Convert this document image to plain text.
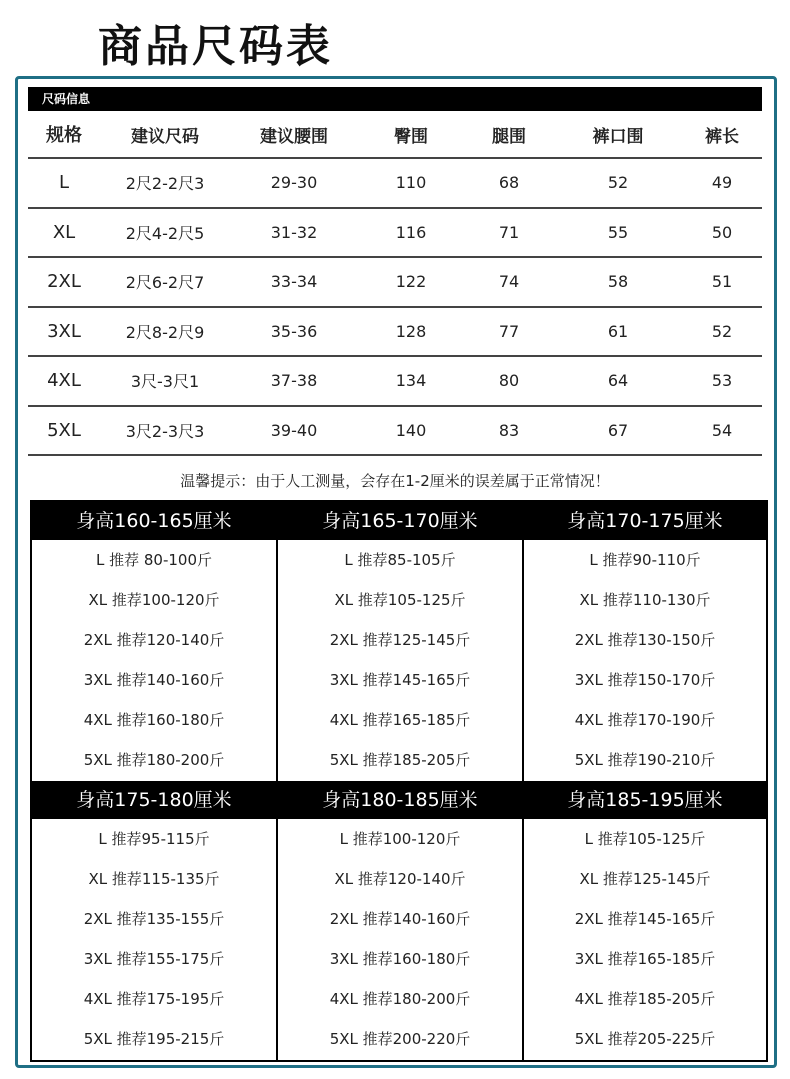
商品尺码表
尺码信息
规格	建议尺码	建议腰围	臀围	腿围	裤口围	裤长
L	2尺2-2尺3	29-30	110	68	52	49
XL	2尺4-2尺5	31-32	116	71	55	50
2XL	2尺6-2尺7	33-34	122	74	58	51
3XL	2尺8-2尺9	35-36	128	77	61	52
4XL	3尺-3尺1	37-38	134	80	64	53
5XL	3尺2-3尺3	39-40	140	83	67	54
温馨提示：由于人工测量，会存在1-2厘米的误差属于正常情况！
身高160-165厘米
L 推荐 80-100斤
XL 推荐100-120斤
2XL 推荐120-140斤
3XL 推荐140-160斤
4XL 推荐160-180斤
5XL 推荐180-200斤
身高165-170厘米
L 推荐85-105斤
XL 推荐105-125斤
2XL 推荐125-145斤
3XL 推荐145-165斤
4XL 推荐165-185斤
5XL 推荐185-205斤
身高170-175厘米
L 推荐90-110斤
XL 推荐110-130斤
2XL 推荐130-150斤
3XL 推荐150-170斤
4XL 推荐170-190斤
5XL 推荐190-210斤
身高175-180厘米
L 推荐95-115斤
XL 推荐115-135斤
2XL 推荐135-155斤
3XL 推荐155-175斤
4XL 推荐175-195斤
5XL 推荐195-215斤
身高180-185厘米
L 推荐100-120斤
XL 推荐120-140斤
2XL 推荐140-160斤
3XL 推荐160-180斤
4XL 推荐180-200斤
5XL 推荐200-220斤
身高185-195厘米
L 推荐105-125斤
XL 推荐125-145斤
2XL 推荐145-165斤
3XL 推荐165-185斤
4XL 推荐185-205斤
5XL 推荐205-225斤
